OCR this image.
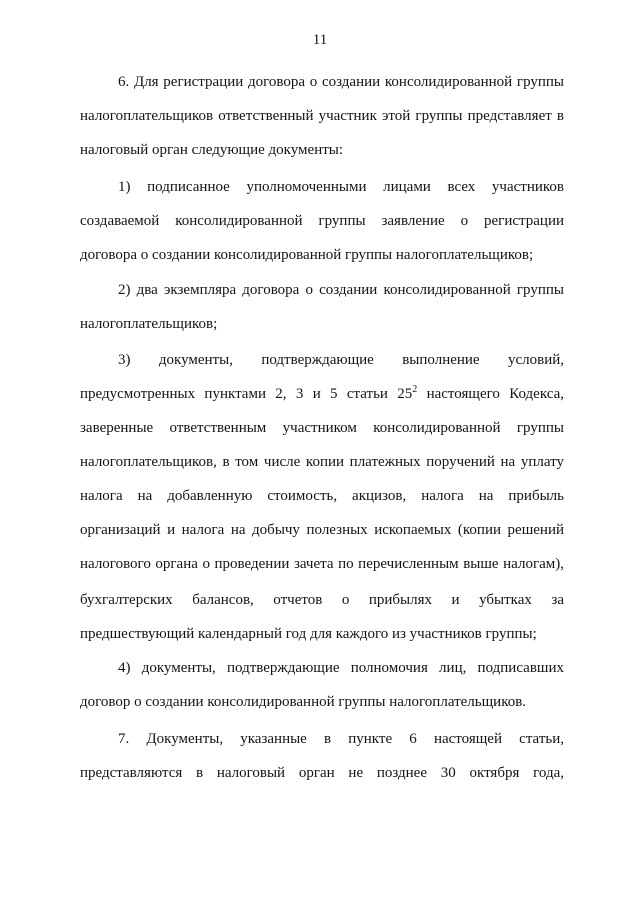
11
6. Для регистрации договора о создании консолидированной группы
налогоплательщиков ответственный участник этой группы представляет в
налоговый орган следующие документы:
1) подписанное уполномоченными лицами всех участников
создаваемой консолидированной группы заявление о регистрации
договора о создании консолидированной группы налогоплательщиков;
2) два экземпляра договора о создании консолидированной группы
налогоплательщиков;
3) документы, подтверждающие выполнение условий,
предусмотренных пунктами 2, 3 и 5 статьи $25^2$ настоящего Кодекса,
заверенные ответственным участником консолидированной группы
налогоплательщиков, в том числе копии платежных поручений на уплату
налога на добавленную стоимость, акцизов, налога на прибыль
организаций и налога на добычу полезных ископаемых (копии решений
налогового органа о проведении зачета по перечисленным выше налогам),
бухгалтерских балансов, отчетов о прибылях и убытках за
предшествующий календарный год для каждого из участников группы;
4) документы, подтверждающие полномочия лиц, подписавших
договор о создании консолидированной группы налогоплательщиков.
7. Документы, указанные в пункте 6 настоящей статьи,
представляются в налоговый орган не позднее 30 октября года,
